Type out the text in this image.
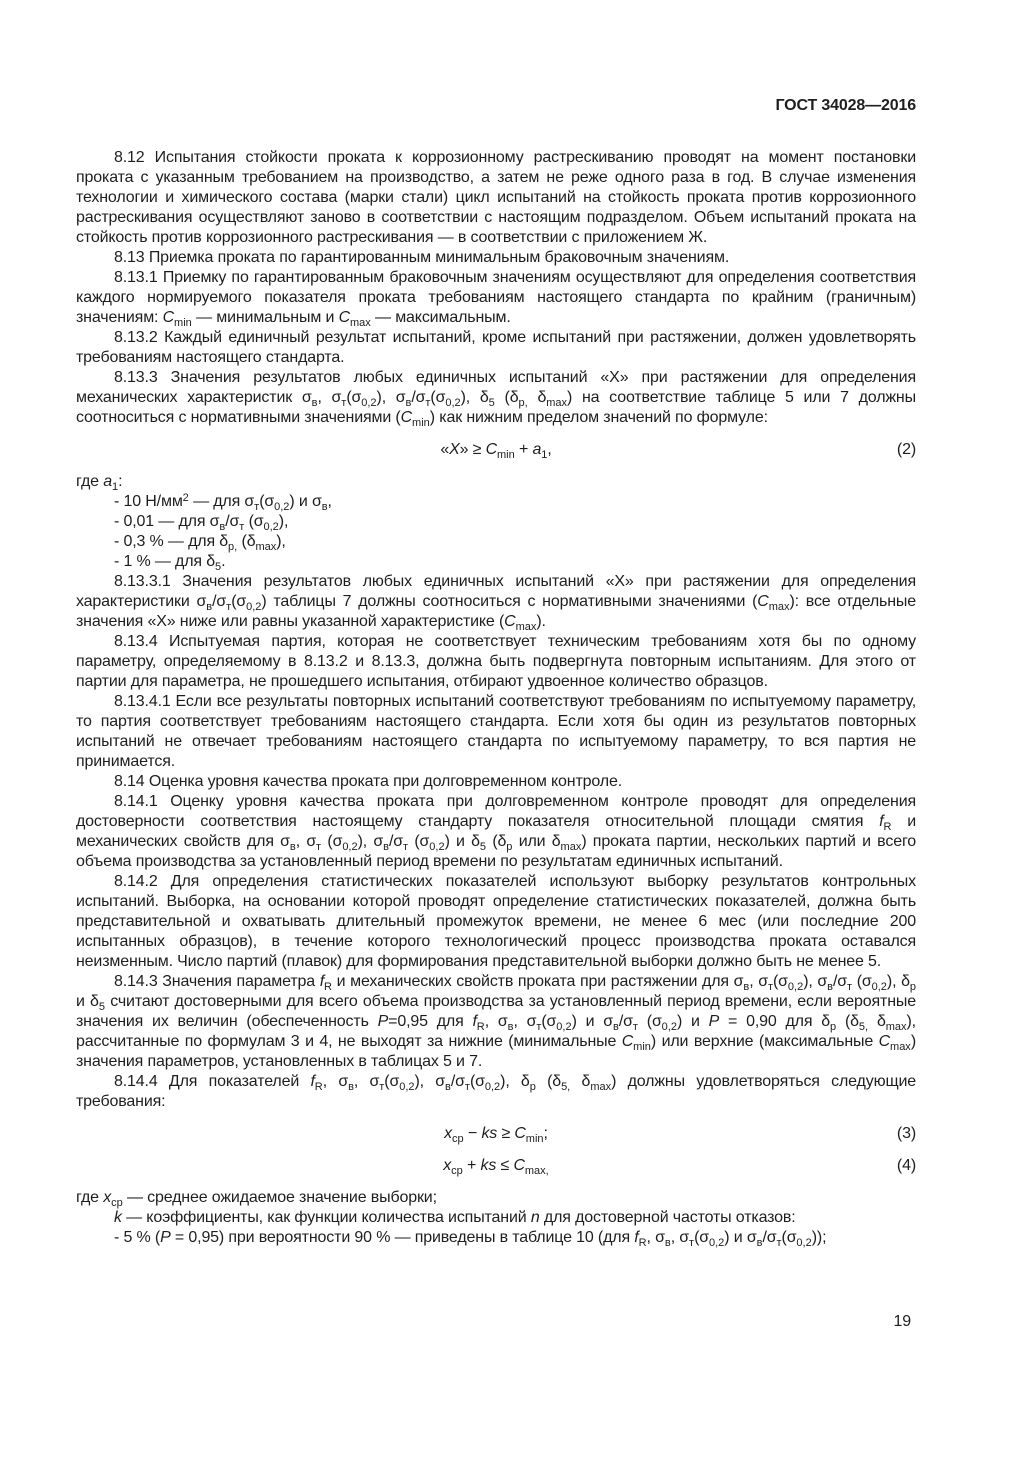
ГОСТ 34028—2016

8.12 Испытания стойкости проката к коррозионному растрескиванию проводят на момент постановки проката с указанным требованием на производство, а затем не реже одного раза в год. В случае изменения технологии и химического состава (марки стали) цикл испытаний на стойкость проката против коррозионного растрескивания осуществляют заново в соответствии с настоящим подразделом. Объем испытаний проката на стойкость против коррозионного растрескивания — в соответствии с приложением Ж.

8.13 Приемка проката по гарантированным минимальным браковочным значениям.

8.13.1 Приемку по гарантированным браковочным значениям осуществляют для определения соответствия каждого нормируемого показателя проката требованиям настоящего стандарта по крайним (граничным) значениям: $C_{min}$ — минимальным и $C_{max}$ — максимальным.

8.13.2 Каждый единичный результат испытаний, кроме испытаний при растяжении, должен удовлетворять требованиям настоящего стандарта.

8.13.3 Значения результатов любых единичных испытаний «X» при растяжении для определения механических характеристик $\sigma_в$, $\sigma_т(\sigma_{0,2})$, $\sigma_в/\sigma_т(\sigma_{0,2})$, $\delta_5$ ($\delta_{p,}$ $\delta_{max}$) на соответствие таблице 5 или 7 должны соотноситься с нормативными значениями $(C_{min})$ как нижним пределом значений по формуле:

«X» ≥ $C_{min} + a_1$,	(2)

где $a_1$:

- 10 $Н/мм^2$ — для $\sigma_т(\sigma_{0,2})$ и $\sigma_в$,

- 0,01 — для $\sigma_в/\sigma_т$ $(\sigma_{0,2})$,

- 0,3 % — для $\delta_{p,}$ $(\delta_{max})$,

- 1 % — для $\delta_5$.

8.13.3.1 Значения результатов любых единичных испытаний «X» при растяжении для определения характеристики $\sigma_в/\sigma_т(\sigma_{0,2})$ таблицы 7 должны соотноситься с нормативными значениями $(C_{max})$: все отдельные значения «X» ниже или равны указанной характеристике $(C_{max})$.

8.13.4 Испытуемая партия, которая не соответствует техническим требованиям хотя бы по одному параметру, определяемому в 8.13.2 и 8.13.3, должна быть подвергнута повторным испытаниям. Для этого от партии для параметра, не прошедшего испытания, отбирают удвоенное количество образцов.

8.13.4.1 Если все результаты повторных испытаний соответствуют требованиям по испытуемому параметру, то партия соответствует требованиям настоящего стандарта. Если хотя бы один из результатов повторных испытаний не отвечает требованиям настоящего стандарта по испытуемому параметру, то вся партия не принимается.

8.14 Оценка уровня качества проката при долговременном контроле.

8.14.1 Оценку уровня качества проката при долговременном контроле проводят для определения достоверности соответствия настоящему стандарту показателя относительной площади смятия $f_R$ и механических свойств для $\sigma_в$, $\sigma_т$ $(\sigma_{0,2})$, $\sigma_в/\sigma_т$ $(\sigma_{0,2})$ и $\delta_5$ ($\delta_p$ или $\delta_{max}$) проката партии, нескольких партий и всего объема производства за установленный период времени по результатам единичных испытаний.

8.14.2 Для определения статистических показателей используют выборку результатов контрольных испытаний. Выборка, на основании которой проводят определение статистических показателей, должна быть представительной и охватывать длительный промежуток времени, не менее 6 мес (или последние 200 испытанных образцов), в течение которого технологический процесс производства проката оставался неизменным. Число партий (плавок) для формирования представительной выборки должно быть не менее 5.

8.14.3 Значения параметра $f_R$ и механических свойств проката при растяжении для $\sigma_в$, $\sigma_т(\sigma_{0,2})$, $\sigma_в/\sigma_т$ $(\sigma_{0,2})$, $\delta_p$ и $\delta_5$ считают достоверными для всего объема производства за установленный период времени, если вероятные значения их величин (обеспеченность P=0,95 для $f_R$, $\sigma_в$, $\sigma_т(\sigma_{0,2})$ и $\sigma_в/\sigma_т$ $(\sigma_{0,2})$ и P = 0,90 для $\delta_p$ ($\delta_{5,}$ $\delta_{max}$), рассчитанные по формулам 3 и 4, не выходят за нижние (минимальные $C_{min}$) или верхние (максимальные $C_{max}$) значения параметров, установленных в таблицах 5 и 7.

8.14.4 Для показателей $f_R$, $\sigma_в$, $\sigma_т(\sigma_{0,2})$, $\sigma_в/\sigma_т(\sigma_{0,2})$, $\delta_p$ ($\delta_{5,}$ $\delta_{max}$) должны удовлетворяться следующие требования:

$x_{ср}$ − ks ≥ $C_{min}$;	(3)
$x_{ср}$ + ks ≤ $C_{max,}$	(4)

где $x_{ср}$ — среднее ожидаемое значение выборки;

k — коэффициенты, как функции количества испытаний n для достоверной частоты отказов:

- 5 % (P = 0,95) при вероятности 90 % — приведены в таблице 10 (для $f_R$, $\sigma_в$, $\sigma_т(\sigma_{0,2})$ и $\sigma_в/\sigma_т(\sigma_{0,2})$);

19
